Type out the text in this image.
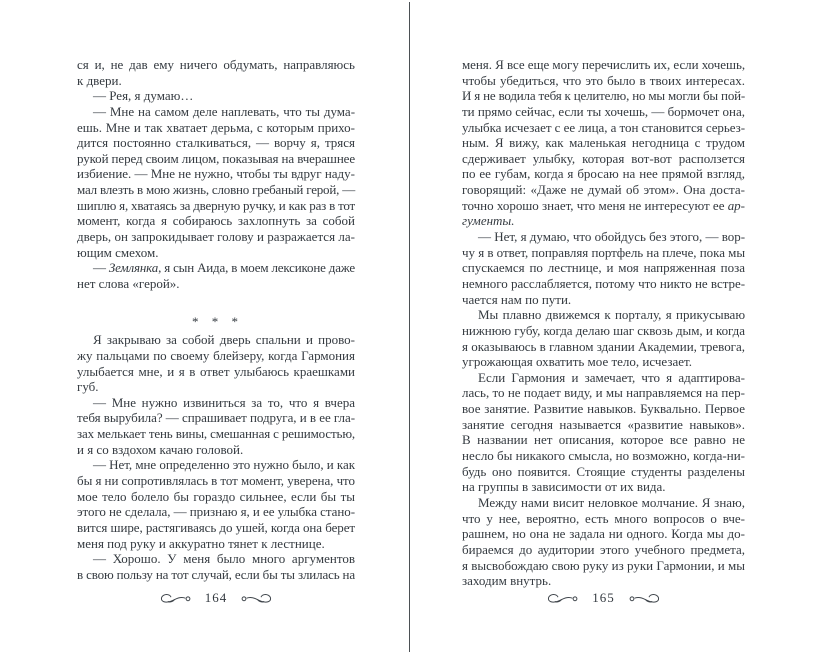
ся и, не дав ему ничего обдумать, направляюсь
к двери.
— Рея, я думаю…
— Мне на самом деле наплевать, что ты дума-
ешь. Мне и так хватает дерьма, с которым прихо-
дится постоянно сталкиваться, — ворчу я, тряся
рукой перед своим лицом, показывая на вчерашнее
избиение. — Мне не нужно, чтобы ты вдруг наду-
мал влезть в мою жизнь, словно гребаный герой, —
шиплю я, хватаясь за дверную ручку, и как раз в тот
момент, когда я собираюсь захлопнуть за собой
дверь, он запрокидывает голову и разражается ла-
ющим смехом.
— Землянка, я сын Аида, в моем лексиконе даже
нет слова «герой».
* * *
Я закрываю за собой дверь спальни и прово-
жу пальцами по своему блейзеру, когда Гармония
улыбается мне, и я в ответ улыбаюсь краешками
губ.
— Мне нужно извиниться за то, что я вчера
тебя вырубила? — спрашивает подруга, и в ее гла-
зах мелькает тень вины, смешанная с решимостью,
и я со вздохом качаю головой.
— Нет, мне определенно это нужно было, и как
бы я ни сопротивлялась в тот момент, уверена, что
мое тело болело бы гораздо сильнее, если бы ты
этого не сделала, — признаю я, и ее улыбка стано-
вится шире, растягиваясь до ушей, когда она берет
меня под руку и аккуратно тянет к лестнице.
— Хорошо. У меня было много аргументов
в свою пользу на тот случай, если бы ты злилась на
меня. Я все еще могу перечислить их, если хочешь,
чтобы убедиться, что это было в твоих интересах.
И я не водила тебя к целителю, но мы могли бы пой-
ти прямо сейчас, если ты хочешь, — бормочет она,
улыбка исчезает с ее лица, а тон становится серьез-
ным. Я вижу, как маленькая негодница с трудом
сдерживает улыбку, которая вот-вот расползется
по ее губам, когда я бросаю на нее прямой взгляд,
говорящий: «Даже не думай об этом». Она доста-
точно хорошо знает, что меня не интересуют ее ар-
гументы.
— Нет, я думаю, что обойдусь без этого, — вор-
чу я в ответ, поправляя портфель на плече, пока мы
спускаемся по лестнице, и моя напряженная поза
немного расслабляется, потому что никто не встре-
чается нам по пути.
Мы плавно движемся к порталу, я прикусываю
нижнюю губу, когда делаю шаг сквозь дым, и когда
я оказываюсь в главном здании Академии, тревога,
угрожающая охватить мое тело, исчезает.
Если Гармония и замечает, что я адаптирова-
лась, то не подает виду, и мы направляемся на пер-
вое занятие. Развитие навыков. Буквально. Первое
занятие сегодня называется «развитие навыков».
В названии нет описания, которое все равно не
несло бы никакого смысла, но возможно, когда-ни-
будь оно появится. Стоящие студенты разделены
на группы в зависимости от их вида.
Между нами висит неловкое молчание. Я знаю,
что у нее, вероятно, есть много вопросов о вче-
рашнем, но она не задала ни одного. Когда мы до-
бираемся до аудитории этого учебного предмета,
я высвобождаю свою руку из руки Гармонии, и мы
заходим внутрь.
164	165
